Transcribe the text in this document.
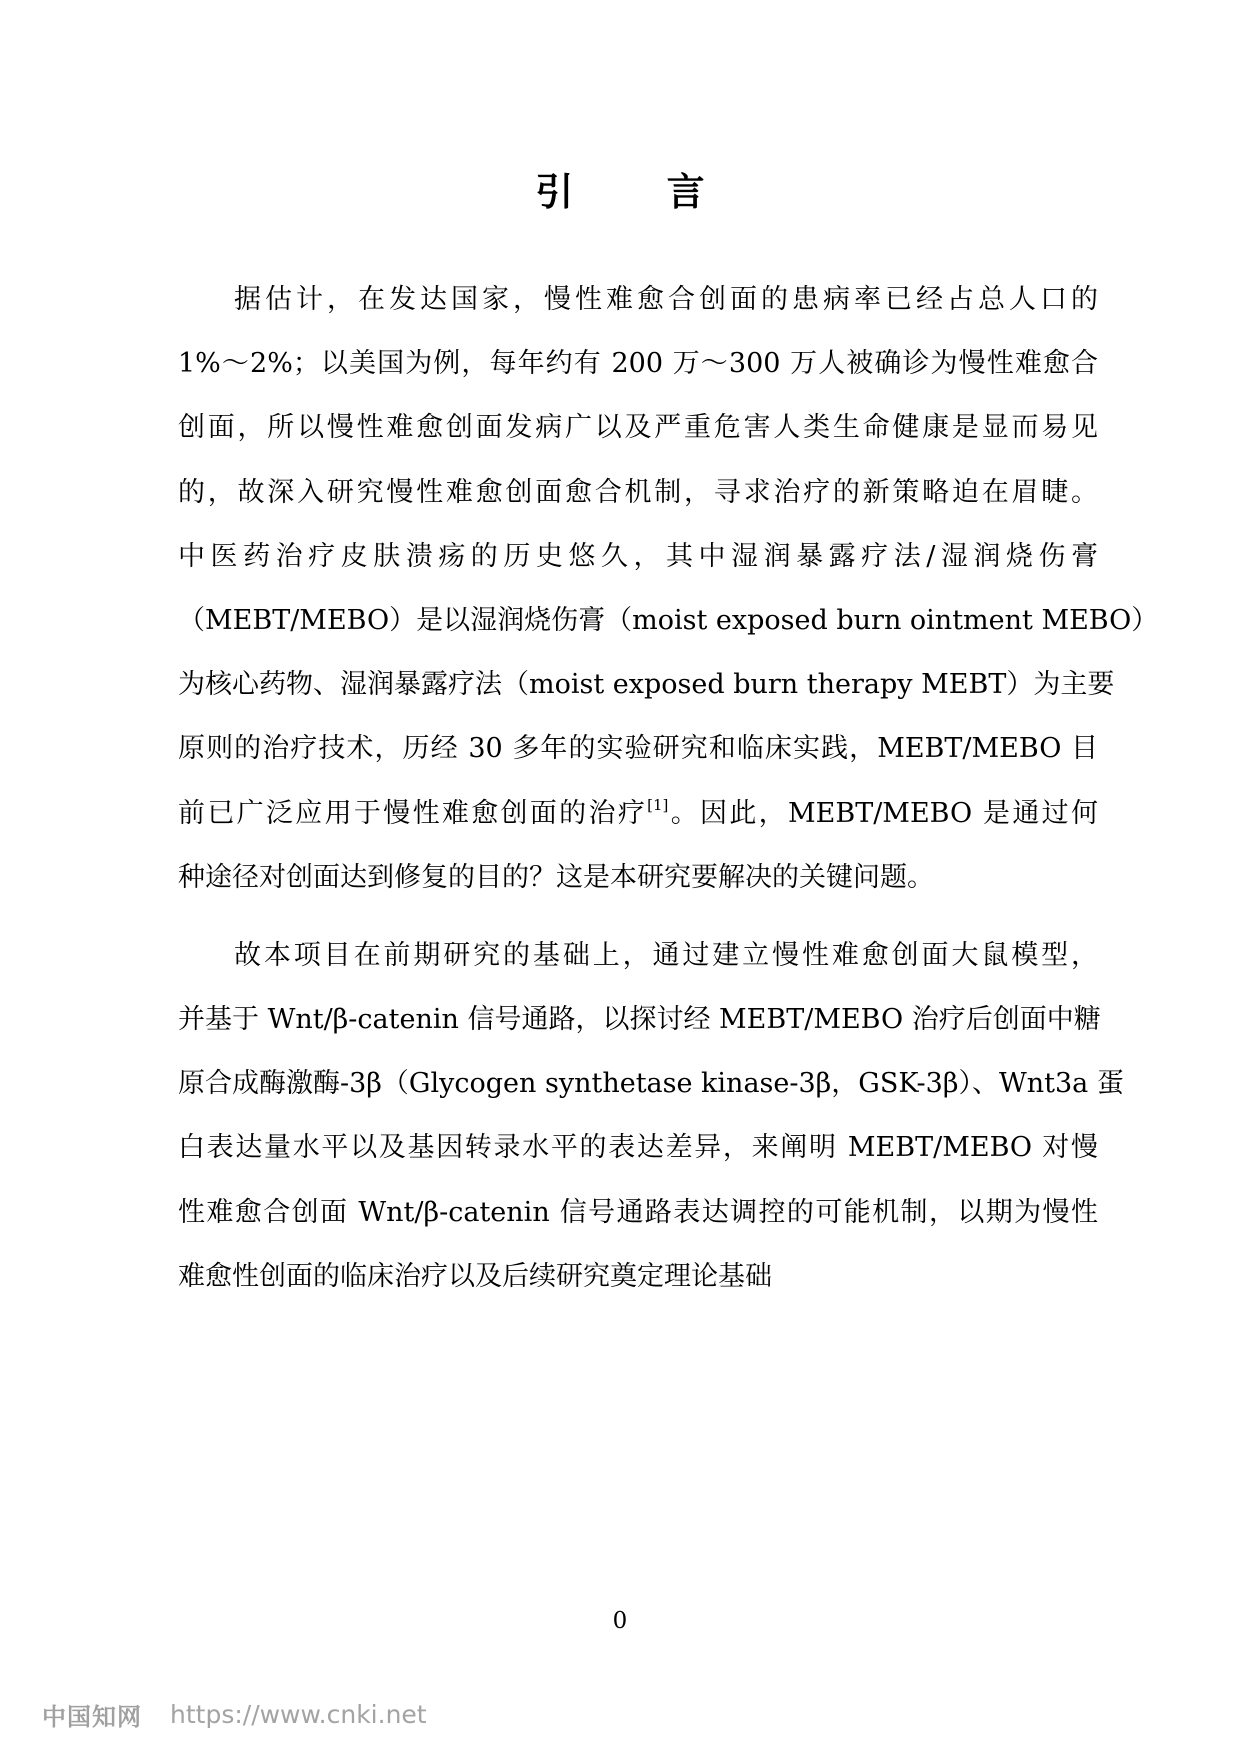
引 言
据估计，在发达国家，慢性难愈合创面的患病率已经占总人口的
1%～2%；以美国为例，每年约有 200 万～300 万人被确诊为慢性难愈合
创面，所以慢性难愈创面发病广以及严重危害人类生命健康是显而易见
的，故深入研究慢性难愈创面愈合机制，寻求治疗的新策略迫在眉睫。
中医药治疗皮肤溃疡的历史悠久，其中湿润暴露疗法/湿润烧伤膏
（MEBT/MEBO）是以湿润烧伤膏（moist exposed burn ointment MEBO）
为核心药物、湿润暴露疗法（moist exposed burn therapy MEBT）为主要
原则的治疗技术，历经 30 多年的实验研究和临床实践，MEBT/MEBO 目
前已广泛应用于慢性难愈创面的治疗[1]。因此，MEBT/MEBO 是通过何
种途径对创面达到修复的目的？这是本研究要解决的关键问题。
故本项目在前期研究的基础上，通过建立慢性难愈创面大鼠模型，
并基于 Wnt/β-catenin 信号通路，以探讨经 MEBT/MEBO 治疗后创面中糖
原合成酶激酶-3β（Glycogen synthetase kinase-3β，GSK-3β）、Wnt3a 蛋
白表达量水平以及基因转录水平的表达差异，来阐明 MEBT/MEBO 对慢
性难愈合创面 Wnt/β-catenin 信号通路表达调控的可能机制，以期为慢性
难愈性创面的临床治疗以及后续研究奠定理论基础
0
中国知网 https://www.cnki.net
